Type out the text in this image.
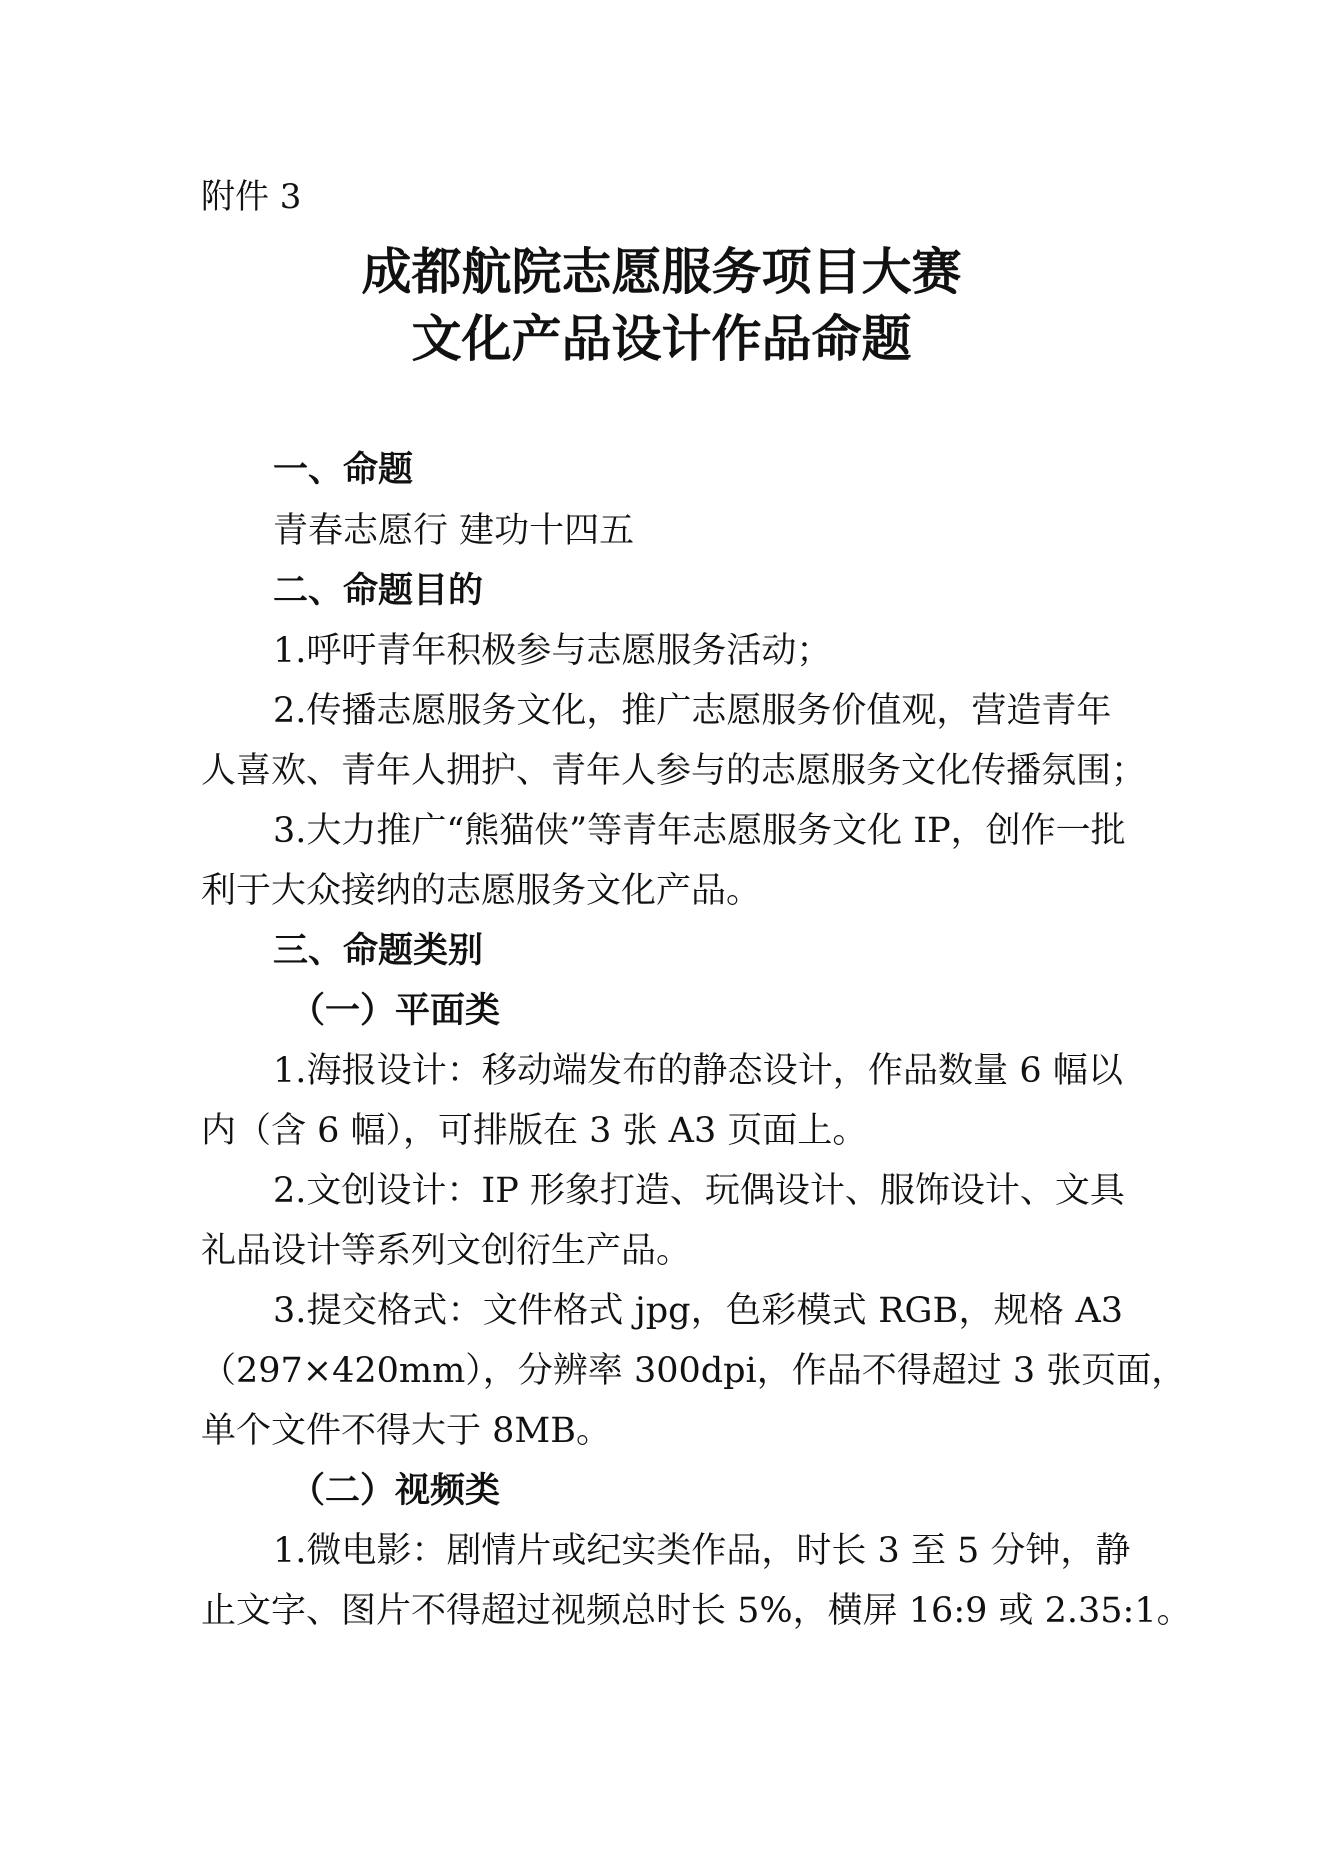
附件 3
成都航院志愿服务项目大赛
文化产品设计作品命题
一、命题
青春志愿行 建功十四五
二、命题目的
1.呼吁青年积极参与志愿服务活动；
2.传播志愿服务文化，推广志愿服务价值观，营造青年
人喜欢、青年人拥护、青年人参与的志愿服务文化传播氛围；
3.大力推广“熊猫侠”等青年志愿服务文化 IP，创作一批
利于大众接纳的志愿服务文化产品。
三、命题类别
（一）平面类
1.海报设计：移动端发布的静态设计，作品数量 6 幅以
内（含 6 幅），可排版在 3 张 A3 页面上。
2.文创设计：IP 形象打造、玩偶设计、服饰设计、文具
礼品设计等系列文创衍生产品。
3.提交格式：文件格式 jpg，色彩模式 RGB，规格 A3
（297×420mm），分辨率 300dpi，作品不得超过 3 张页面，
单个文件不得大于 8MB。
（二）视频类
1.微电影：剧情片或纪实类作品，时长 3 至 5 分钟，静
止文字、图片不得超过视频总时长 5%，横屏 16:9 或 2.35:1。
